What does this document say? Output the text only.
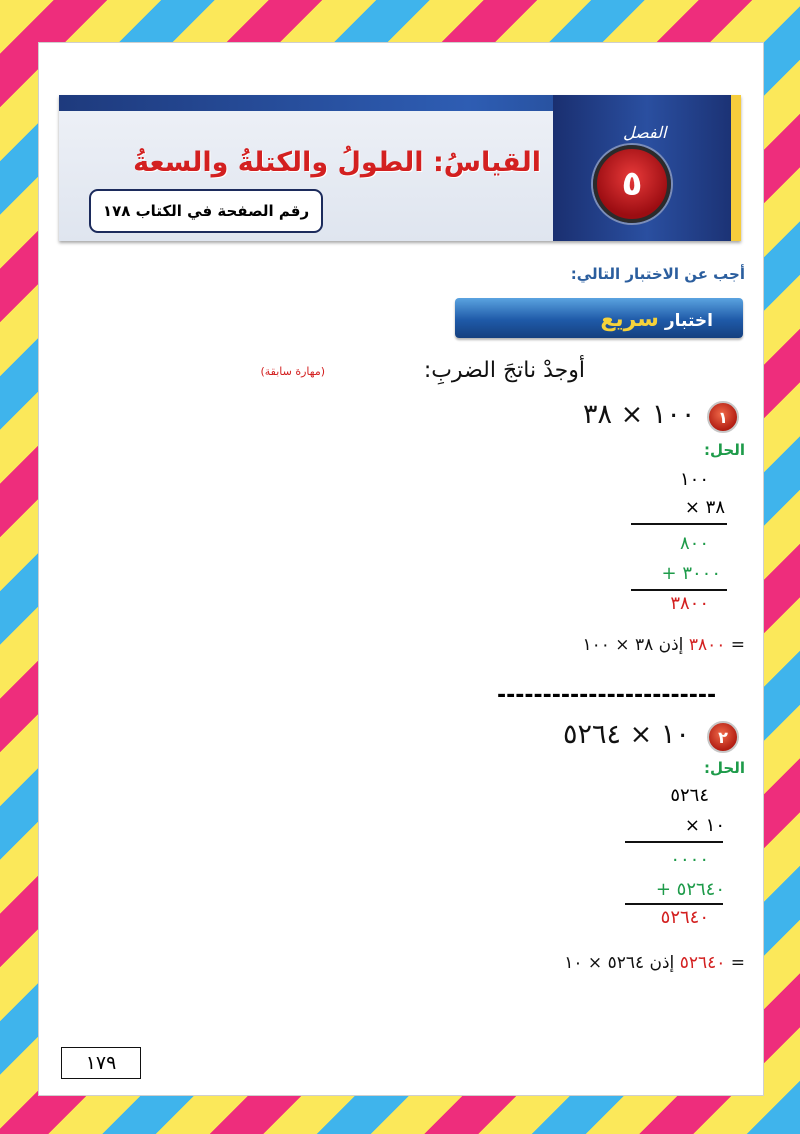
الفصل
٥
القياسُ: الطولُ والكتلةُ والسعةُ
رقم الصفحة في الكتاب ١٧٨
أجب عن الاختبار التالي:
اختبار سريع
أوجدْ ناتجَ الضربِ:
(مهارة سابقة)
١
١٠٠ × ٣٨
الحل:
١٠٠
× ٣٨
٨٠٠
+ ٣٠٠٠
٣٨٠٠
٣٨٠٠ إذن ٣٨ × ١٠٠ =
------------------------
٢
١٠ × ٥٢٦٤
الحل:
٥٢٦٤
× ١٠
٠٠٠٠
+ ٥٢٦٤٠
٥٢٦٤٠
٥٢٦٤٠ إذن ٥٢٦٤ × ١٠ =
١٧٩
